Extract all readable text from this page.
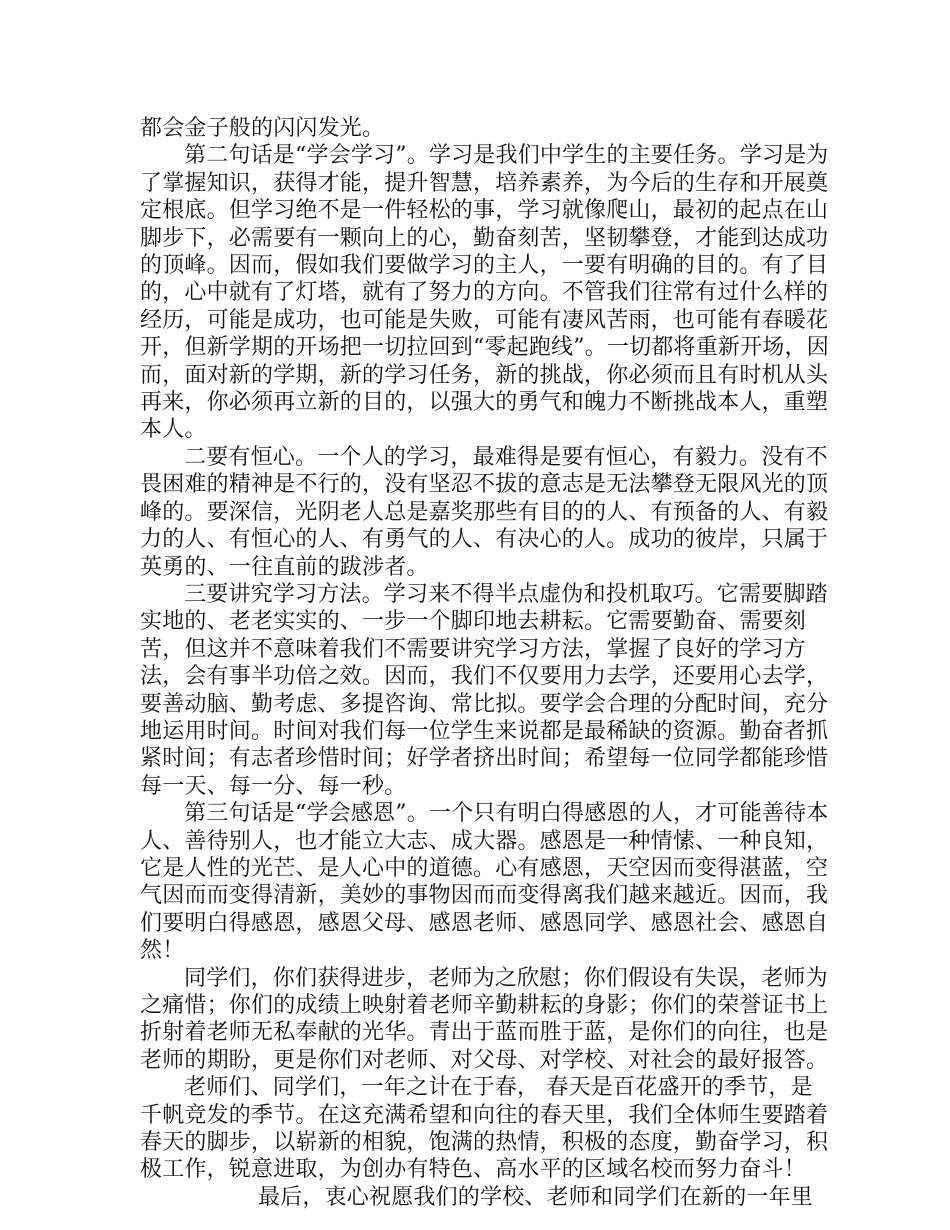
都会金子般的闪闪发光。

第二句话是“学会学习”。学习是我们中学生的主要任务。学习是为了掌握知识，获得才能，提升智慧，培养素养，为今后的生存和开展奠定根底。但学习绝不是一件轻松的事，学习就像爬山，最初的起点在山脚步下，必需要有一颗向上的心，勤奋刻苦，坚韧攀登，才能到达成功的顶峰。因而，假如我们要做学习的主人，一要有明确的目的。有了目的，心中就有了灯塔，就有了努力的方向。不管我们往常有过什么样的经历，可能是成功，也可能是失败，可能有凄风苦雨，也可能有春暖花开，但新学期的开场把一切拉回到“零起跑线”。一切都将重新开场，因而，面对新的学期，新的学习任务，新的挑战，你必须而且有时机从头再来，你必须再立新的目的，以强大的勇气和魄力不断挑战本人，重塑本人。

二要有恒心。一个人的学习，最难得是要有恒心，有毅力。没有不畏困难的精神是不行的，没有坚忍不拔的意志是无法攀登无限风光的顶峰的。要深信，光阴老人总是嘉奖那些有目的的人、有预备的人、有毅力的人、有恒心的人、有勇气的人、有决心的人。成功的彼岸，只属于英勇的、一往直前的跋涉者。

三要讲究学习方法。学习来不得半点虚伪和投机取巧。它需要脚踏实地的、老老实实的、一步一个脚印地去耕耘。它需要勤奋、需要刻苦，但这并不意味着我们不需要讲究学习方法，掌握了良好的学习方法，会有事半功倍之效。因而，我们不仅要用力去学，还要用心去学，要善动脑、勤考虑、多提咨询、常比拟。要学会合理的分配时间，充分地运用时间。时间对我们每一位学生来说都是最稀缺的资源。勤奋者抓紧时间；有志者珍惜时间；好学者挤出时间；希望每一位同学都能珍惜每一天、每一分、每一秒。

第三句话是“学会感恩”。一个只有明白得感恩的人，才可能善待本人、善待别人，也才能立大志、成大器。感恩是一种情愫、一种良知，它是人性的光芒、是人心中的道德。心有感恩，天空因而变得湛蓝，空气因而而变得清新，美妙的事物因而而变得离我们越来越近。因而，我们要明白得感恩，感恩父母、感恩老师、感恩同学、感恩社会、感恩自然！

同学们，你们获得进步，老师为之欣慰；你们假设有失误，老师为之痛惜；你们的成绩上映射着老师辛勤耕耘的身影；你们的荣誉证书上折射着老师无私奉献的光华。青出于蓝而胜于蓝，是你们的向往，也是老师的期盼，更是你们对老师、对父母、对学校、对社会的最好报答。

老师们、同学们，一年之计在于春， 春天是百花盛开的季节，是千帆竞发的季节。在这充满希望和向往的春天里，我们全体师生要踏着春天的脚步，以崭新的相貌，饱满的热情，积极的态度，勤奋学习，积极工作，锐意进取，为创办有特色、高水平的区域名校而努力奋斗！

最后，衷心祝愿我们的学校、老师和同学们在新的一年里
